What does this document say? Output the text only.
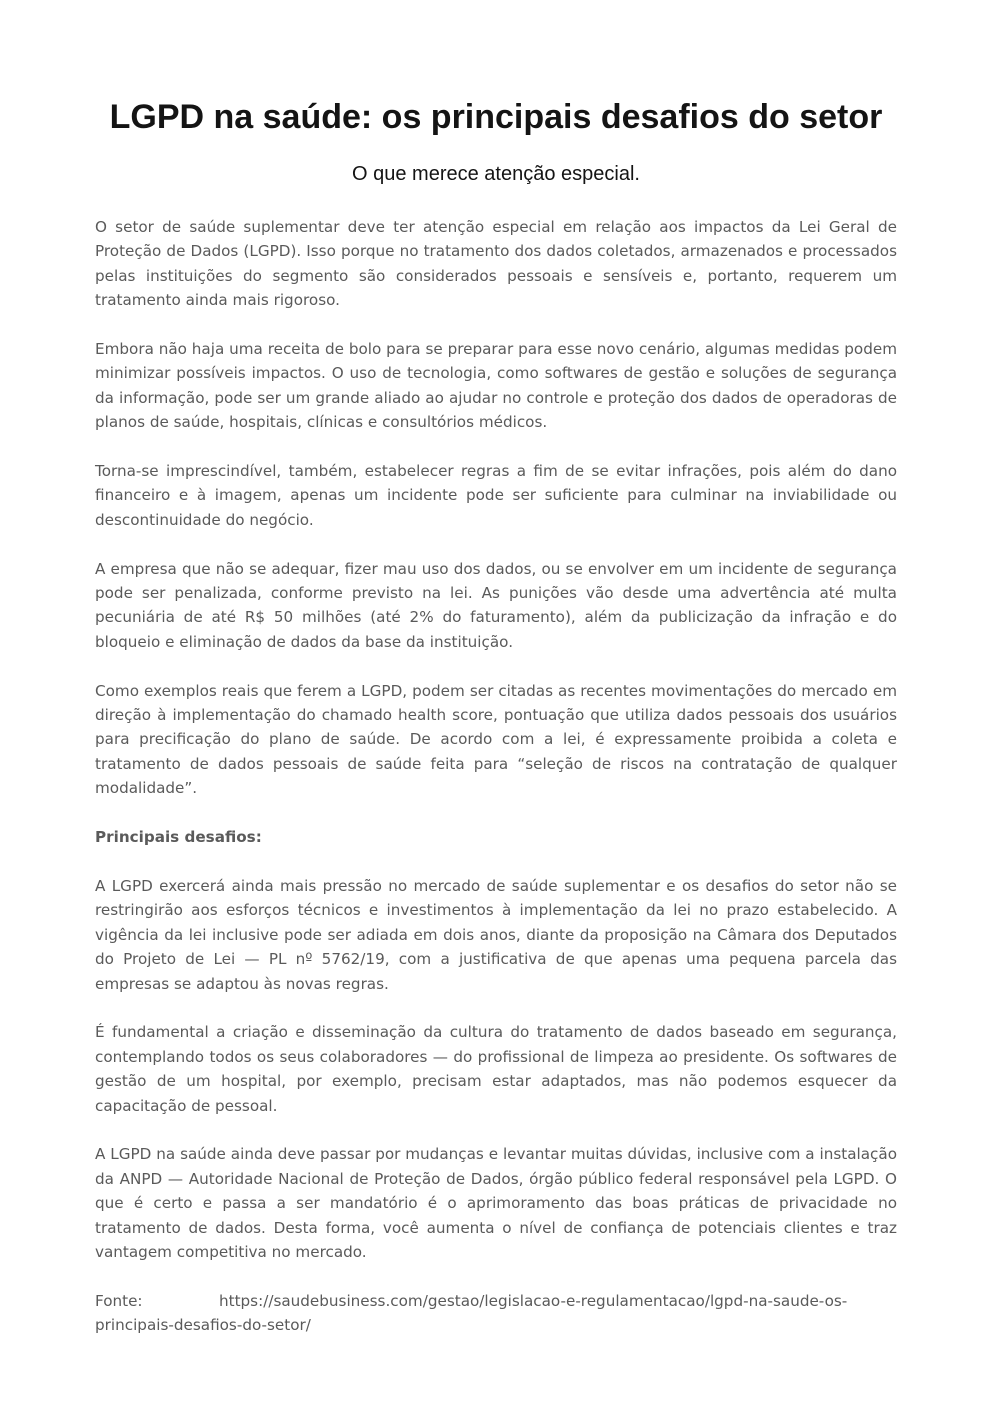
LGPD na saúde: os principais desafios do setor
O que merece atenção especial.

O setor de saúde suplementar deve ter atenção especial em relação aos impactos da Lei Geral de Proteção de Dados (LGPD). Isso porque no tratamento dos dados coletados, armazenados e processados pelas instituições do segmento são considerados pessoais e sensíveis e, portanto, requerem um tratamento ainda mais rigoroso.

Embora não haja uma receita de bolo para se preparar para esse novo cenário, algumas medidas podem minimizar possíveis impactos. O uso de tecnologia, como softwares de gestão e soluções de segurança da informação, pode ser um grande aliado ao ajudar no controle e proteção dos dados de operadoras de planos de saúde, hospitais, clínicas e consultórios médicos.

Torna-se imprescindível, também, estabelecer regras a fim de se evitar infrações, pois além do dano financeiro e à imagem, apenas um incidente pode ser suficiente para culminar na inviabilidade ou descontinuidade do negócio.

A empresa que não se adequar, fizer mau uso dos dados, ou se envolver em um incidente de segurança pode ser penalizada, conforme previsto na lei. As punições vão desde uma advertência até multa pecuniária de até R$ 50 milhões (até 2% do faturamento), além da publicização da infração e do bloqueio e eliminação de dados da base da instituição.

Como exemplos reais que ferem a LGPD, podem ser citadas as recentes movimentações do mercado em direção à implementação do chamado health score, pontuação que utiliza dados pessoais dos usuários para precificação do plano de saúde. De acordo com a lei, é expressamente proibida a coleta e tratamento de dados pessoais de saúde feita para “seleção de riscos na contratação de qualquer modalidade”.

Principais desafios:

A LGPD exercerá ainda mais pressão no mercado de saúde suplementar e os desafios do setor não se restringirão aos esforços técnicos e investimentos à implementação da lei no prazo estabelecido. A vigência da lei inclusive pode ser adiada em dois anos, diante da proposição na Câmara dos Deputados do Projeto de Lei — PL nº 5762/19, com a justificativa de que apenas uma pequena parcela das empresas se adaptou às novas regras.

É fundamental a criação e disseminação da cultura do tratamento de dados baseado em segurança, contemplando todos os seus colaboradores — do profissional de limpeza ao presidente. Os softwares de gestão de um hospital, por exemplo, precisam estar adaptados, mas não podemos esquecer da capacitação de pessoal.

A LGPD na saúde ainda deve passar por mudanças e levantar muitas dúvidas, inclusive com a instalação da ANPD — Autoridade Nacional de Proteção de Dados, órgão público federal responsável pela LGPD. O que é certo e passa a ser mandatório é o aprimoramento das boas práticas de privacidade no tratamento de dados. Desta forma, você aumenta o nível de confiança de potenciais clientes e traz vantagem competitiva no mercado.

Fonte:	https://saudebusiness.com/gestao/legislacao-e-regulamentacao/lgpd-na-saude-os-principais-desafios-do-setor/
